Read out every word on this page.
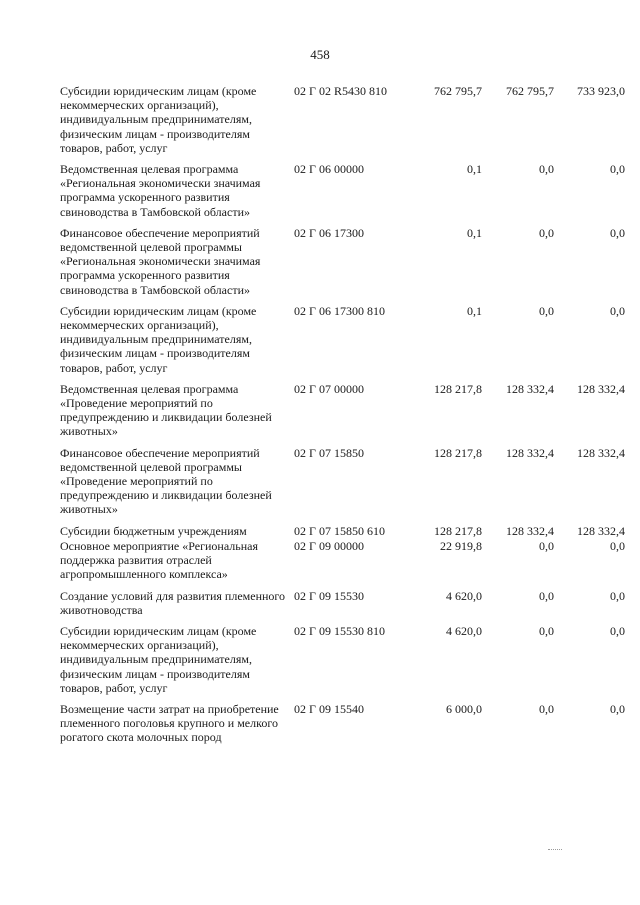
458
Субсидии юридическим лицам (кроме некоммерческих организаций), индивидуальным предпринимателям, физическим лицам - производителям товаров, работ, услуг	02 Г 02 R5430 810	762 795,7	762 795,7	733 923,0
Ведомственная целевая программа «Региональная экономически значимая программа ускоренного развития свиноводства в Тамбовской области»	02 Г 06 00000	0,1	0,0	0,0
Финансовое обеспечение мероприятий ведомственной целевой программы «Региональная экономически значимая программа ускоренного развития свиноводства в Тамбовской области»	02 Г 06 17300	0,1	0,0	0,0
Субсидии юридическим лицам (кроме некоммерческих организаций), индивидуальным предпринимателям, физическим лицам - производителям товаров, работ, услуг	02 Г 06 17300 810	0,1	0,0	0,0
Ведомственная целевая программа «Проведение мероприятий по предупреждению и ликвидации болезней животных»	02 Г 07 00000	128 217,8	128 332,4	128 332,4
Финансовое обеспечение мероприятий ведомственной целевой программы «Проведение мероприятий по предупреждению и ликвидации болезней животных»	02 Г 07 15850	128 217,8	128 332,4	128 332,4
Субсидии бюджетным учреждениям	02 Г 07 15850 610	128 217,8	128 332,4	128 332,4
Основное мероприятие «Региональная поддержка развития отраслей агропромышленного комплекса»	02 Г 09 00000	22 919,8	0,0	0,0
Создание условий для развития племенного животноводства	02 Г 09 15530	4 620,0	0,0	0,0
Субсидии юридическим лицам (кроме некоммерческих организаций), индивидуальным предпринимателям, физическим лицам - производителям товаров, работ, услуг	02 Г 09 15530 810	4 620,0	0,0	0,0
Возмещение части затрат на приобретение племенного поголовья крупного и мелкого рогатого скота молочных пород	02 Г 09 15540	6 000,0	0,0	0,0
